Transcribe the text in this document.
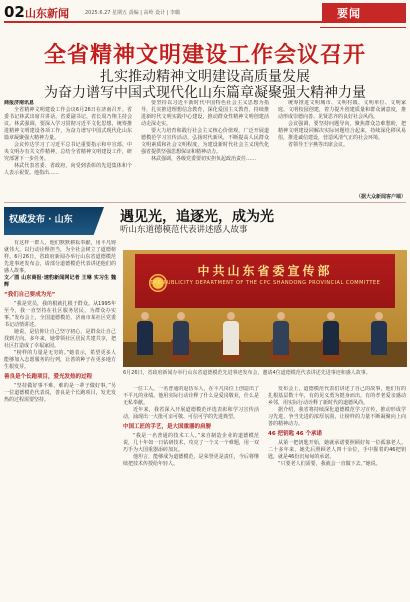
02 山东新闻	2025.6.27 星期五 责编 | 高岭 设计 | 李璐	要闻
全省精神文明建设工作会议召开
扎实推动精神文明建设高质量发展
为奋力谱写中国式现代化山东篇章凝聚强大精神力量

商报济南讯息

全省精神文明建设工作会议6月26日在济南召开。省委书记林武出席并讲话，省委副书记、省长周乃翔主持会议。林武强调，要深入学习贯彻习近平文化思想，统筹推进精神文明建设各项工作，为奋力谱写中国式现代化山东篇章凝聚强大精神力量。

会议传达学习了习近平总书记重要指示和中宣部、中央文明办有关文件精神，总结全省精神文明建设工作，研究部署下一步任务。

林武代表省委、省政府，向受到表彰的先进集体和个人表示祝贺。他指出……

要坚持以习近平新时代中国特色社会主义思想为指导，扎实推进理想信念教育，深化爱国主义教育，持续推进新时代文明实践中心建设，推动群众性精神文明创建活动走深走实。

要大力培育和践行社会主义核心价值观，广泛开展道德模范学习宣传活动，弘扬时代新风，不断提高人民群众文明素质和社会文明程度，为建设新时代社会主义现代化强省提供坚强思想保证和精神动力。

林武强调，各级党委要切实担负起政治责任……

统筹推进文明城市、文明村镇、文明单位、文明家庭、文明校园创建，着力提升创建质量和群众满意度，推动形成崇德向善、见贤思齐的良好社会风尚。

会议强调，要坚持问题导向，聚焦群众急难愁盼，把精神文明建设同解决实际问题结合起来，持续深化移风易俗，推进诚信建设，营造风清气正的社会环境。

省领导王宇燕等出席会议。

（据大众新闻客户端）
权威发布 · 山东	遇见光，追逐光，成为光
听山东道德模范代表讲述感人故事

有这样一群人，他们默默耕耘奉献，用平凡铸就伟大，以行动诠释担当，为全社会树立了道德榜样。6月26日，省政府新闻办举行山东省道德模范先进事迹发布会，请部分道德模范代表讲述他们的感人故事。

文／图 山东商报·速豹新闻网记者 王琳 实习生 魏辉

“我们自己要成为光”

“我是党员，我的根就扎根于群众。从1995年至今，我一直坚持在社区服务居民，为群众办实事。”发布会上，全国道德模范、济南市某社区党委书记动情讲述。

她说，是信仰让自己坚守初心，是群众让自己找到方向。多年来，她带领社区居民共建共享，把社区打造成了幸福家园。

“榜样的力量是无穷的。”她表示，希望更多人能够加入志愿服务的行列，让善的种子在更多地方生根发芽。

善良是个长跑项目，爱光发热的过程

“坚持做好事不难，难的是一辈子做好事。”另一位道德模范代表说，善良是个长跑项目，发光发热的过程需要坚持。

中共山东省委宣传部
THE PUBLICITY DEPARTMENT OF THE CPC SHANDONG PROVINCIAL COMMITTEE
6月26日，省政府新闻办举行山东省道德模范先进事迹发布会，邀请4位道德模范代表讲述先进事迹和感人故事。

一位工人、一名普通的退伍军人，在平凡岗位上创造出了不平凡的业绩。他用实际行动诠释了什么是爱岗敬业，什么是无私奉献。

近年来，我省深入开展道德模范评选表彰和学习宣传活动，涌现出一大批可亲可敬、可信可学的先进典型。

中国工匠的手艺，是大国重器的肩膀

“我是一名普通的技术工人。”来自制造企业的道德模范说，几十年如一日钻研技术，攻克了一个又一个难题，用一双巧手为大国重器添砖加瓦。

他坦言，能够成为道德模范，是荣誉更是责任，今后将继续把技术传授给年轻人。

发布会上，道德模范代表们讲述了自己的故事，他们有的扎根基层数十年，有的见义勇为挺身而出，有的孝老爱亲感动乡邻，用实际行动诠释了新时代的道德风尚。

据介绍，我省将持续深化道德模范学习宣传，推动形成学习先进、争当先进的浓厚氛围，让榜样的力量不断凝聚向上向善的精神动力。

46 把钥匙 46 个承诺

从第一把钥匙开始，她就承诺要照顾好每一位孤寡老人。二十多年来，她先后照顾老人四十余位，手中握着的46把钥匙，就是46份沉甸甸的承诺。

“只要老人们需要，我就会一直做下去。”她说。
